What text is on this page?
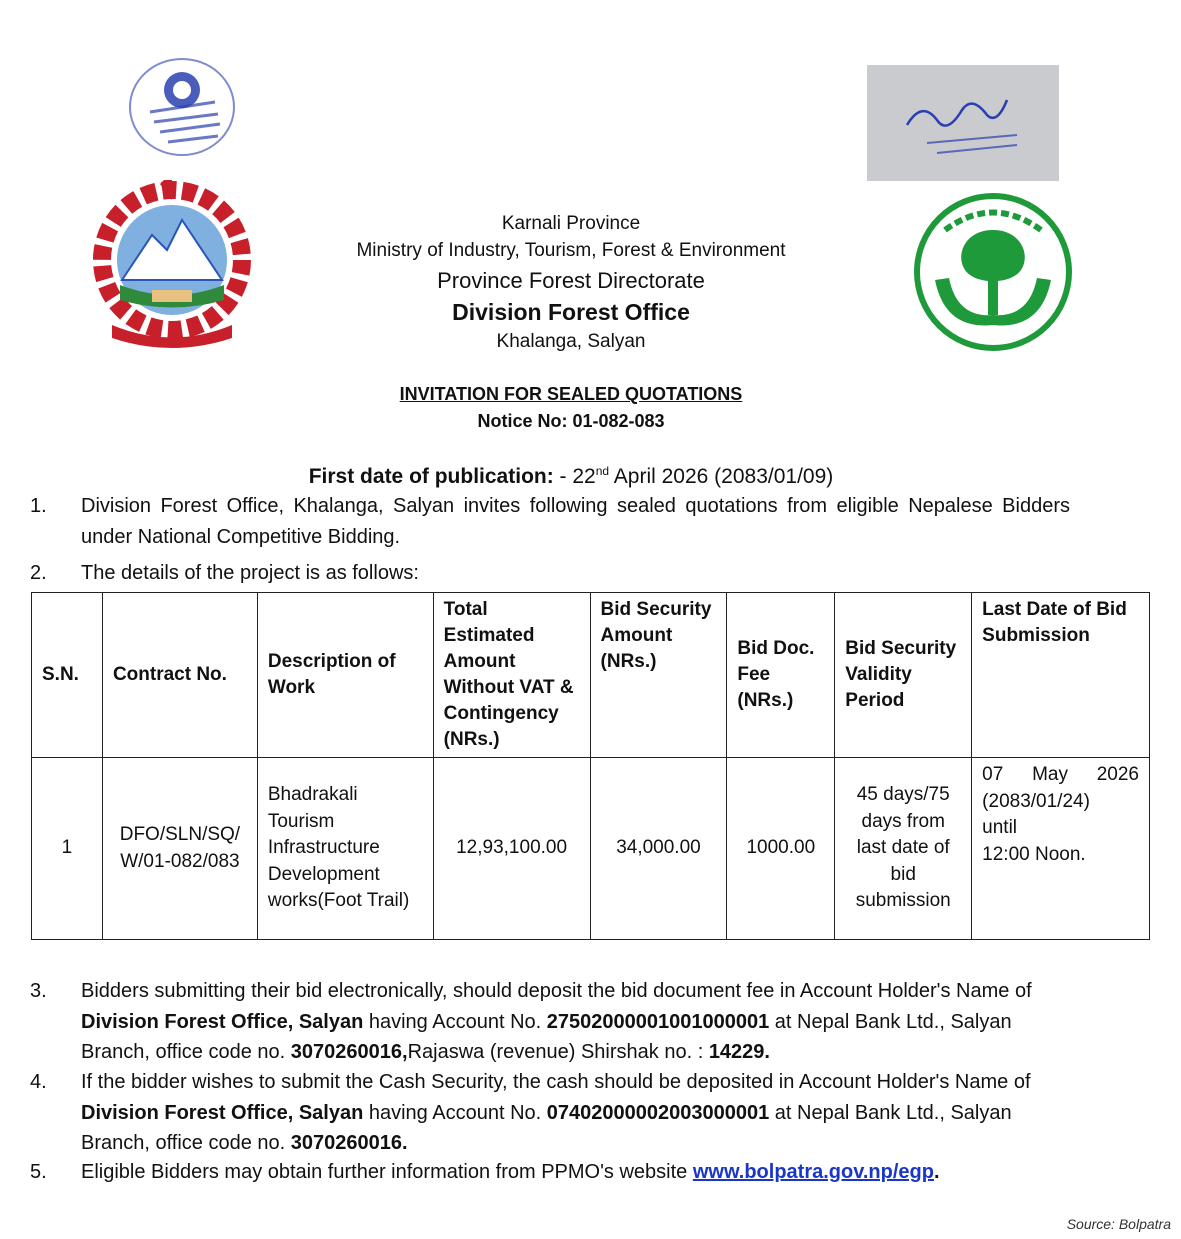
Karnali Province
Ministry of Industry, Tourism, Forest & Environment
Province Forest Directorate
Division Forest Office
Khalanga, Salyan
INVITATION FOR SEALED QUOTATIONS
Notice No: 01-082-083
First date of publication: - 22nd April 2026 (2083/01/09)
1.	Division Forest Office, Khalanga, Salyan invites following sealed quotations from eligible Nepalese Bidders under National Competitive Bidding.
2.	The details of the project is as follows:
S.N.	Contract No.	Description of Work	Total Estimated Amount Without VAT & Contingency (NRs.)	Bid Security Amount (NRs.)	Bid Doc. Fee (NRs.)	Bid Security Validity Period	Last Date of Bid Submission
1	DFO/SLN/SQ/ W/01-082/083	Bhadrakali Tourism Infrastructure Development works(Foot Trail)	12,93,100.00	34,000.00	1000.00	45 days/75 days from last date of bid submission	07 May 2026
(2083/01/24)
until
12:00 Noon.
3.	Bidders submitting their bid electronically, should deposit the bid document fee in Account Holder's Name of Division Forest Office, Salyan having Account No. 27502000001001000001 at Nepal Bank Ltd., Salyan Branch, office code no. 3070260016,Rajaswa (revenue) Shirshak no. : 14229.
4.	If the bidder wishes to submit the Cash Security, the cash should be deposited in Account Holder's Name of Division Forest Office, Salyan having Account No. 07402000002003000001 at Nepal Bank Ltd., Salyan Branch, office code no. 3070260016.
5.	Eligible Bidders may obtain further information from PPMO's website www.bolpatra.gov.np/egp.
Source: Bolpatra
